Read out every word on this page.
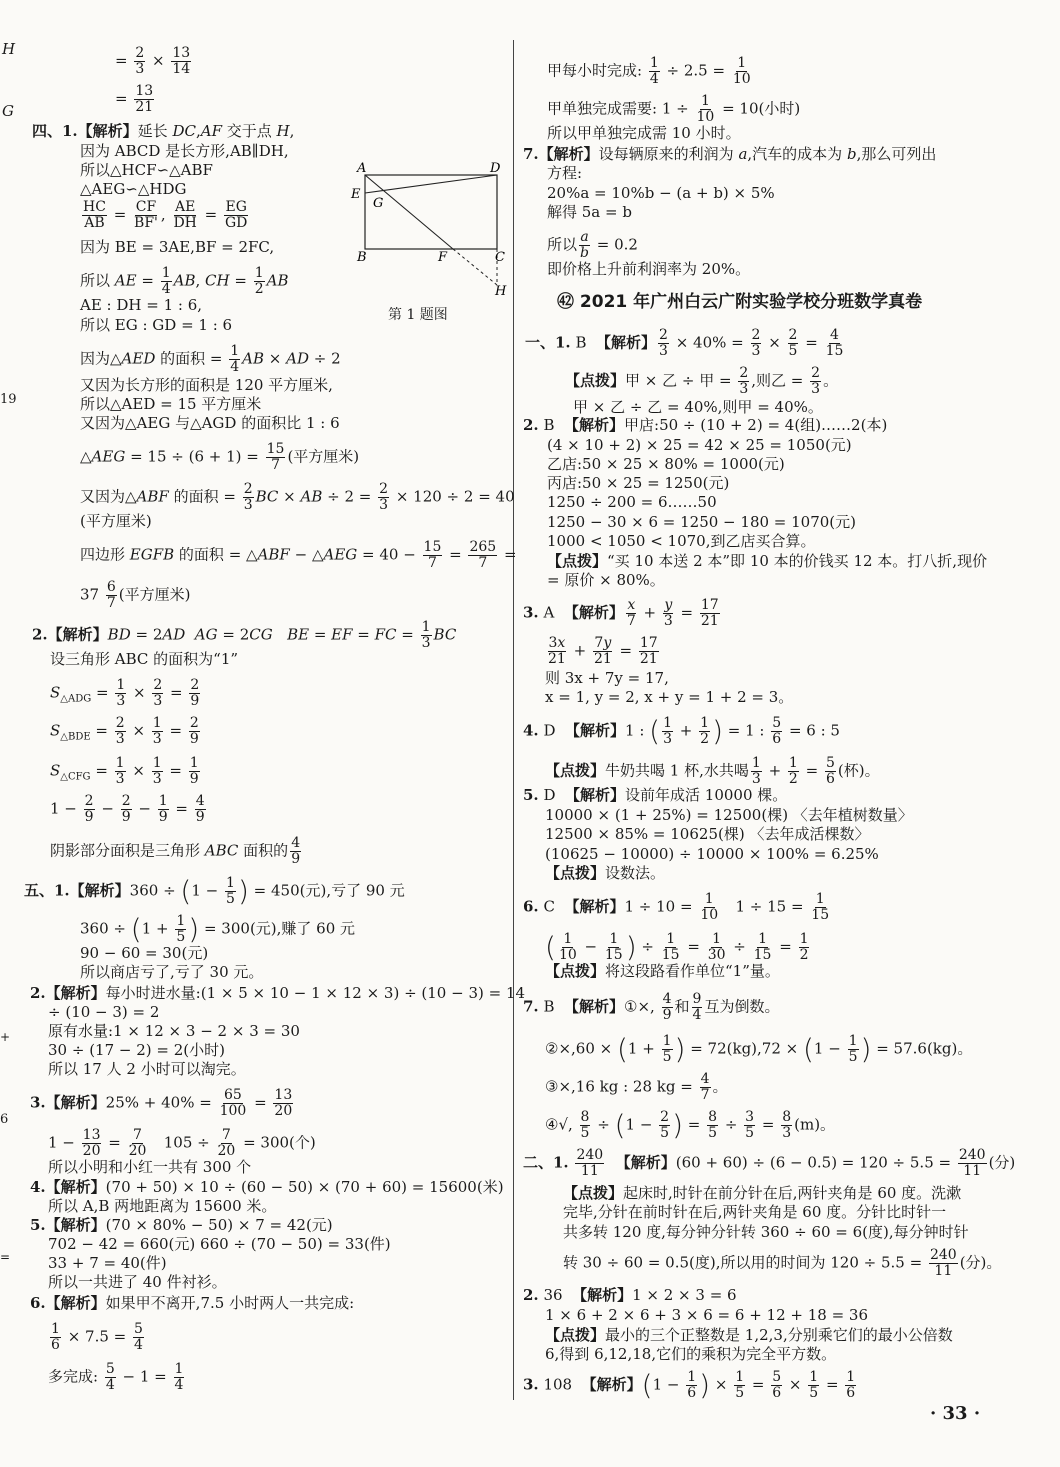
H
G
19
+
6
=
= $\frac{2}{3} \times \frac{13}{14}$
= $\frac{13}{21}$
四、1.【解析】延长 DC,AF 交于点 H,
因为 ABCD 是长方形,AB∥DH,
所以△HCF∽△ABF
△AEG∽△HDG
$\frac{HC}{AB} = \frac{CF}{BF'}$ , $\frac{AE}{DH} = \frac{EG}{GD}$
因为 BE = 3AE,BF = 2FC,
所以 AE = $\frac{1}{4}$ AB, CH = $\frac{1}{2}$ AB
AE : DH = 1 : 6,
所以 EG : GD = 1 : 6
因为△AED 的面积 = $\frac{1}{4}$ AB × AD ÷ 2
又因为长方形的面积是 120 平方厘米,
所以△AED = 15 平方厘米
又因为△AEG 与△AGD 的面积比 1 : 6
△AEG = $15 \div (6 + 1) = \frac{15}{7}$ (平方厘米)
又因为△ABF 的面积 = $\frac{2}{3}$ BC × AB ÷ $2 = \frac{2}{3} \times 120 \div 2 = 40$
(平方厘米)
四边形 EGFB 的面积 = △ABF − △AEG = $40 - \frac{15}{7} = \frac{265}{7}$ =
$37 \frac{6}{7}$ (平方厘米)
A	D
E
G
B	F	C
H
第 1 题图
2.【解析】BD = 2AD AG = 2CG BE = EF = FC = $\frac{1}{3}$ BC
设三角形 ABC 的面积为“1”
$S_{\triangle ADG} = \frac{1}{3} \times \frac{2}{3} = \frac{2}{9}$
$S_{\triangle BDE} = \frac{2}{3} \times \frac{1}{3} = \frac{2}{9}$
$S_{\triangle CFG} = \frac{1}{3} \times \frac{1}{3} = \frac{1}{9}$
$1 - \frac{2}{9} - \frac{2}{9} - \frac{1}{9} = \frac{4}{9}$
阴影部分面积是三角形 ABC 面积的 $\frac{4}{9}$
五、1.【解析】$360 \div (1 - \frac{1}{5}$ ) = 450(元),亏了 90 元
$360 \div (1 + \frac{1}{5}$ ) = 300(元),赚了 60 元
90 − 60 = 30(元)
所以商店亏了,亏了 30 元。
2.【解析】每小时进水量:(1 × 5 × 10 − 1 × 12 × 3) ÷ (10 − 3) = 14
÷ (10 − 3) = 2
原有水量:1 × 12 × 3 − 2 × 3 = 30
30 ÷ (17 − 2) = 2(小时)
所以 17 人 2 小时可以淘完。
3.【解析】$25\% + 40\% = \frac{65}{100} = \frac{13}{20}$
$1 - \frac{13}{20} = \frac{7}{20} 105 \div \frac{7}{20} = 300$(个)
所以小明和小红一共有 300 个
4.【解析】(70 + 50) × 10 ÷ (60 − 50) × (70 + 60) = 15600(米)
所以 A,B 两地距离为 15600 米。
5.【解析】(70 × 80% − 50) × 7 = 42(元)
702 − 42 = 660(元) 660 ÷ (70 − 50) = 33(件)
33 + 7 = 40(件)
所以一共进了 40 件衬衫。
6.【解析】如果甲不离开,7.5 小时两人一共完成:
$\frac{1}{6} \times 7.5 = \frac{5}{4}$
多完成: $\frac{5}{4} - 1 = \frac{1}{4}$
甲每小时完成: $\frac{1}{4} \div 2.5 = \frac{1}{10}$
甲单独完成需要: $1 \div \frac{1}{10} = 10$(小时)
所以甲单独完成需 10 小时。
7.【解析】设每辆原来的利润为 a,汽车的成本为 b,那么可列出
方程:
20%a = 10%b − (a + b) × 5%
解得 5a = b
所以 $\frac{a}{b} = 0.2$
即价格上升前利润率为 20%。
㊷ 2021 年广州白云广附实验学校分班数学真卷
一、1. B  【解析】 $\frac{2}{3} \times 40\% = \frac{2}{3} \times \frac{2}{5} = \frac{4}{15}$
【点拨】甲 × 乙 ÷ 甲 = $\frac{2}{3}$ ,则乙 = $\frac{2}{3}$ 。
甲 × 乙 ÷ 乙 = 40%,则甲 = 40%。
2. B  【解析】甲店:50 ÷ (10 + 2) = 4(组)……2(本)
(4 × 10 + 2) × 25 = 42 × 25 = 1050(元)
乙店:50 × 25 × 80% = 1000(元)
丙店:50 × 25 = 1250(元)
1250 ÷ 200 = 6……50
1250 − 30 × 6 = 1250 − 180 = 1070(元)
1000 < 1050 < 1070,到乙店买合算。
【点拨】“买 10 本送 2 本”即 10 本的价钱买 12 本。打八折,现价
= 原价 × 80%。
3. A  【解析】 $\frac{x}{7} + \frac{y}{3} = \frac{17}{21}$
$\frac{3x}{21} + \frac{7y}{21} = \frac{17}{21}$
则 3x + 7y = 17,
x = 1, y = 2, x + y = 1 + 2 = 3。
4. D  【解析】1 : ( $\frac{1}{3} + \frac{1}{2}$ ) = 1 : $\frac{5}{6} = 6$ : 5
【点拨】牛奶共喝 1 杯,水共喝 $\frac{1}{3} + \frac{1}{2} = \frac{5}{6}$ (杯)。
5. D  【解析】设前年成活 10000 棵。
10000 × (1 + 25%) = 12500(棵) 〈去年植树数量〉
12500 × 85% = 10625(棵) 〈去年成活棵数〉
(10625 − 10000) ÷ 10000 × 100% = 6.25%
【点拨】设数法。
6. C  【解析】$1 \div 10 = \frac{1}{10} 1 \div 15 = \frac{1}{15}$
( $\frac{1}{10} - \frac{1}{15}$ ) ÷ $\frac{1}{15} = \frac{1}{30} \div \frac{1}{15} = \frac{1}{2}$
【点拨】将这段路看作单位“1”量。
7. B  【解析】①×, $\frac{4}{9}$ 和 $\frac{9}{4}$ 互为倒数。
②×,60 × ($1 + \frac{1}{5}$ ) = $72(kg),72 \times (1 - \frac{1}{5}$ ) = 57.6(kg)。
③×,16 kg : 28 kg = $\frac{4}{7}$ 。
④√, $\frac{8}{5} \div (1 - \frac{2}{5}$ ) = $\frac{8}{5} \div \frac{3}{5} = \frac{8}{3} (m)$。
二、1. $\frac{240}{11}$ 【解析】$(60 + 60) \div (6 - 0.5) = 120 \div 5.5 = \frac{240}{11}$ (分)
【点拨】起床时,时针在前分针在后,两针夹角是 60 度。洗漱
完毕,分针在前时针在后,两针夹角是 60 度。分针比时针一
共多转 120 度,每分钟分针转 360 ÷ 60 = 6(度),每分钟时针
转 30 ÷ 60 = 0.5(度),所以用的时间为 $120 \div 5.5 = \frac{240}{11}$ (分)。
2. 36  【解析】1 × 2 × 3 = 6
1 × 6 + 2 × 6 + 3 × 6 = 6 + 12 + 18 = 36
【点拨】最小的三个正整数是 1,2,3,分别乘它们的最小公倍数
6,得到 6,12,18,它们的乘积为完全平方数。
3. 108  【解析】($1 - \frac{1}{6}$ ) × $\frac{1}{5} = \frac{5}{6} \times \frac{1}{5} = \frac{1}{6}$
· 33 ·
